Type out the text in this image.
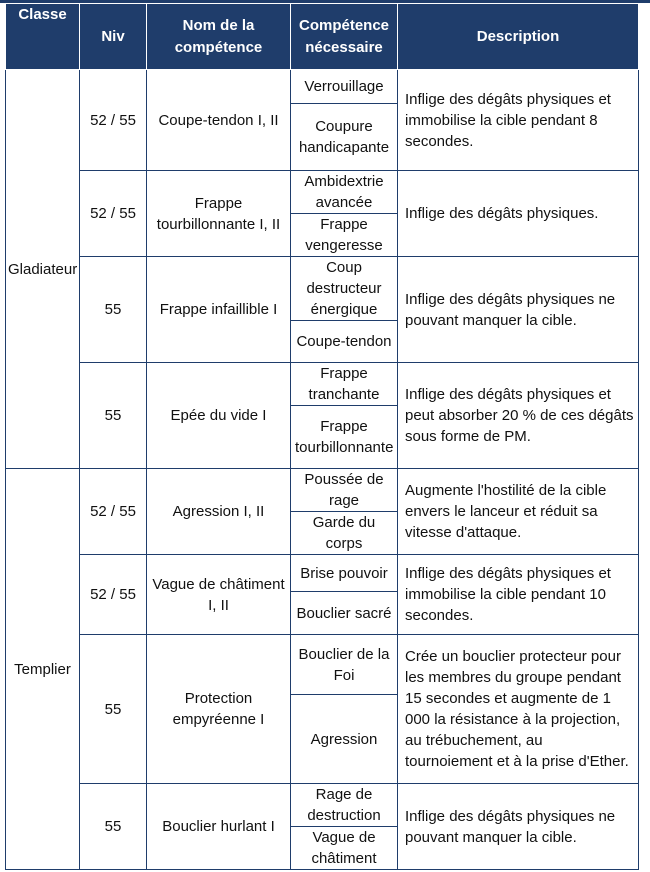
Classe	Niv	Nom de la compétence	Compétence nécessaire	Description
Gladiateur	52 / 55	Coupe-tendon I, II	Verrouillage	Inflige des dégâts physiques et immobilise la cible pendant 8 secondes.
			Coupure handicapante	
	52 / 55	Frappe tourbillonnante I, II	Ambidextrie avancée	Inflige des dégâts physiques.
			Frappe vengeresse	
	55	Frappe infaillible I	Coup destructeur énergique	Inflige des dégâts physiques ne pouvant manquer la cible.
			Coupe-tendon	
	55	Epée du vide I	Frappe tranchante	Inflige des dégâts physiques et peut absorber 20 % de ces dégâts sous forme de PM.
			Frappe tourbillonnante	
Templier	52 / 55	Agression I, II	Poussée de rage	Augmente l'hostilité de la cible envers le lanceur et réduit sa vitesse d'attaque.
			Garde du corps	
	52 / 55	Vague de châtiment I, II	Brise pouvoir	Inflige des dégâts physiques et immobilise la cible pendant 10 secondes.
			Bouclier sacré	
	55	Protection empyréenne I	Bouclier de la Foi	Crée un bouclier protecteur pour les membres du groupe pendant 15 secondes et augmente de 1 000 la résistance à la projection, au trébuchement, au tournoiement et à la prise d'Ether.
			Agression	
	55	Bouclier hurlant I	Rage de destruction	Inflige des dégâts physiques ne pouvant manquer la cible.
			Vague de châtiment	
